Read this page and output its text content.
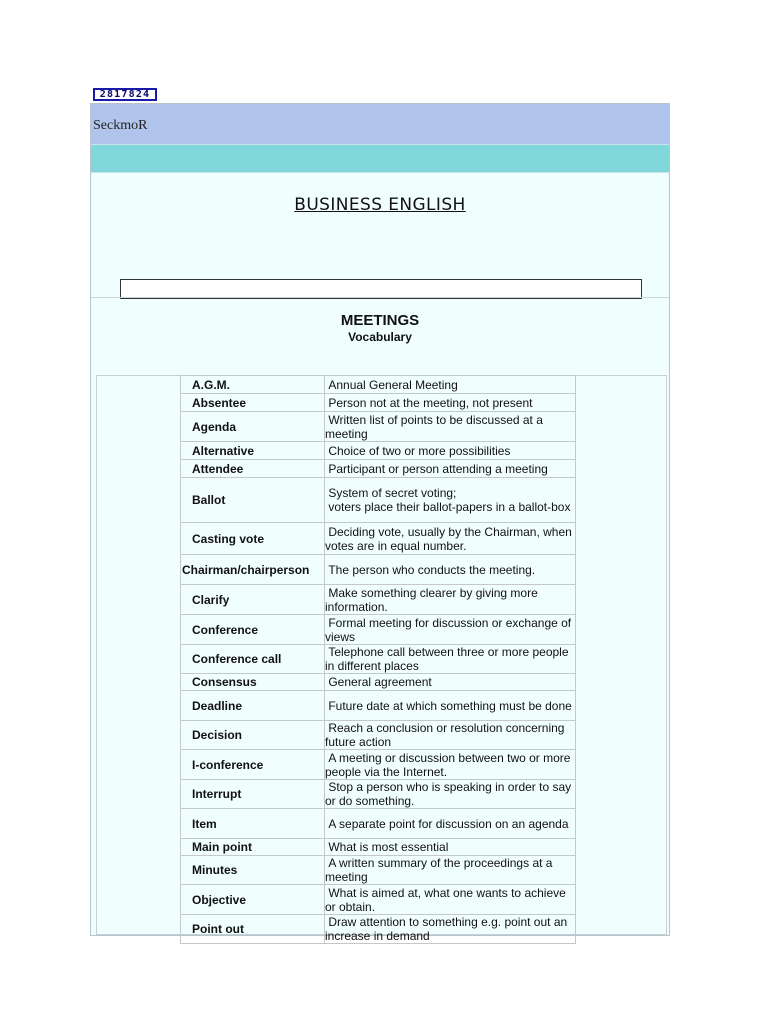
2817824
SeckmoR
BUSINESS ENGLISH
MEETINGS
Vocabulary
A.G.M.	Annual General Meeting
Absentee	Person not at the meeting, not present
Agenda	Written list of points to be discussed at a meeting
Alternative	Choice of two or more possibilities
Attendee	Participant or person attending a meeting
Ballot	System of secret voting;
voters place their ballot-papers in a ballot-box
Casting vote	Deciding vote, usually by the Chairman, when votes are in equal number.
Chairman/chairperson	The person who conducts the meeting.
Clarify	Make something clearer by giving more information.
Conference	Formal meeting for discussion or exchange of views
Conference call	Telephone call between three or more people in different places
Consensus	General agreement
Deadline	Future date at which something must be done
Decision	Reach a conclusion or resolution concerning future action
I-conference	A meeting or discussion between two or more people via the Internet.
Interrupt	Stop a person who is speaking in order to say or do something.
Item	A separate point for discussion on an agenda
Main point	What is most essential
Minutes	A written summary of the proceedings at a meeting
Objective	What is aimed at, what one wants to achieve or obtain.
Point out	Draw attention to something e.g. point out an increase in demand
